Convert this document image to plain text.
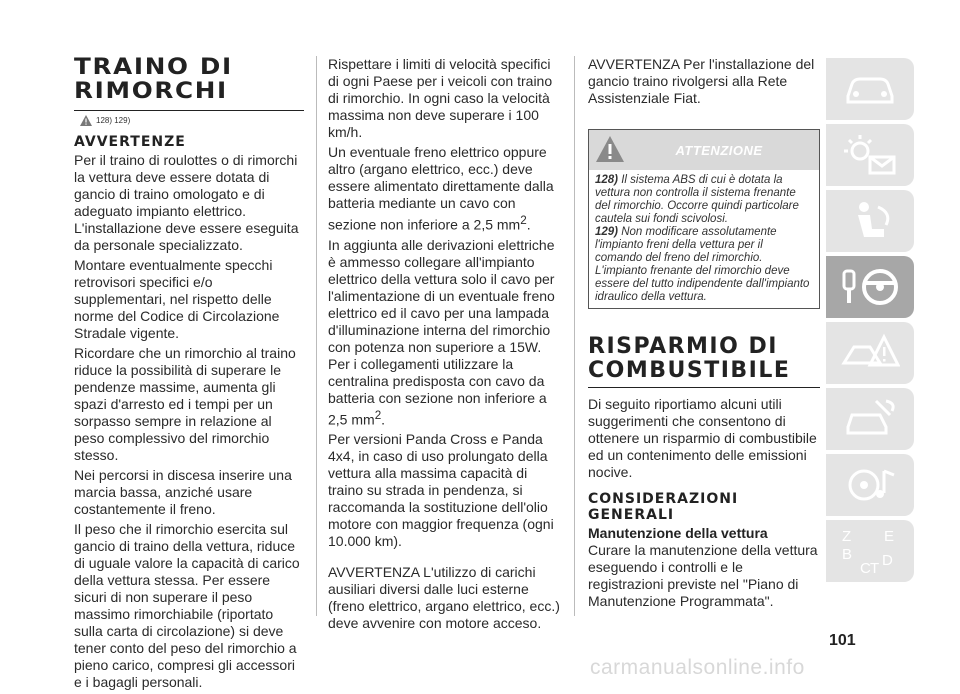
TRAINO DI
RIMORCHI
128) 129)
AVVERTENZE

Per il traino di roulottes o di rimorchi la vettura deve essere dotata di gancio di traino omologato e di adeguato impianto elettrico. L'installazione deve essere eseguita da personale specializzato.

Montare eventualmente specchi retrovisori specifici e/o supplementari, nel rispetto delle norme del Codice di Circolazione Stradale vigente.

Ricordare che un rimorchio al traino riduce la possibilità di superare le pendenze massime, aumenta gli spazi d'arresto ed i tempi per un sorpasso sempre in relazione al peso complessivo del rimorchio stesso.

Nei percorsi in discesa inserire una marcia bassa, anziché usare costantemente il freno.

Il peso che il rimorchio esercita sul gancio di traino della vettura, riduce di uguale valore la capacità di carico della vettura stessa. Per essere sicuri di non superare il peso massimo rimorchiabile (riportato sulla carta di circolazione) si deve tener conto del peso del rimorchio a pieno carico, compresi gli accessori e i bagagli personali.

Rispettare i limiti di velocità specifici di ogni Paese per i veicoli con traino di rimorchio. In ogni caso la velocità massima non deve superare i 100 km/h.

Un eventuale freno elettrico oppure altro (argano elettrico, ecc.) deve essere alimentato direttamente dalla batteria mediante un cavo con sezione non inferiore a 2,5 $mm^2$.

In aggiunta alle derivazioni elettriche è ammesso collegare all'impianto elettrico della vettura solo il cavo per l'alimentazione di un eventuale freno elettrico ed il cavo per una lampada d'illuminazione interna del rimorchio con potenza non superiore a 15W. Per i collegamenti utilizzare la centralina predisposta con cavo da batteria con sezione non inferiore a 2,5 $mm^2$.

Per versioni Panda Cross e Panda 4x4, in caso di uso prolungato della vettura alla massima capacità di traino su strada in pendenza, si raccomanda la sostituzione dell'olio motore con maggior frequenza (ogni 10.000 km).

AVVERTENZA L'utilizzo di carichi ausiliari diversi dalle luci esterne (freno elettrico, argano elettrico, ecc.) deve avvenire con motore acceso.

AVVERTENZA Per l'installazione del gancio traino rivolgersi alla Rete Assistenziale Fiat.

ATTENZIONE
128) Il sistema ABS di cui è dotata la vettura non controlla il sistema frenante del rimorchio. Occorre quindi particolare cautela sui fondi scivolosi.
129) Non modificare assolutamente l'impianto freni della vettura per il comando del freno del rimorchio. L'impianto frenante del rimorchio deve essere del tutto indipendente dall'impianto idraulico della vettura.
RISPARMIO DI
COMBUSTIBILE

Di seguito riportiamo alcuni utili suggerimenti che consentono di ottenere un risparmio di combustibile ed un contenimento delle emissioni nocive.

CONSIDERAZIONI
GENERALI
Manutenzione della vettura

Curare la manutenzione della vettura eseguendo i controlli e le registrazioni previste nel "Piano di Manutenzione Programmata".

Z E
B
C D
T
101
carmanualsonline.info
